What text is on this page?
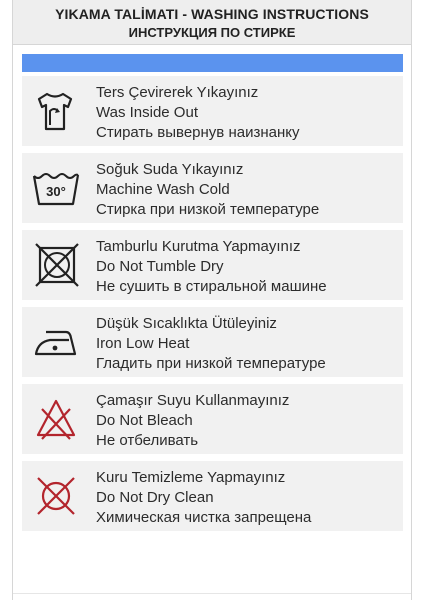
YIKAMA TALİMATI - WASHING INSTRUCTIONS
ИНСТРУКЦИЯ ПО СТИРКЕ
Ters Çevirerek Yıkayınız
Was Inside Out
Стирать вывернув наизнанку
30°
Soğuk Suda Yıkayınız
Machine Wash Cold
Стирка при низкой температуре
Tamburlu Kurutma Yapmayınız
Do Not Tumble Dry
Не сушить в стиральной машине
Düşük Sıcaklıkta Ütüleyiniz
Iron Low Heat
Гладить при низкой температуре
Çamaşır Suyu Kullanmayınız
Do Not Bleach
Не отбеливать
Kuru Temizleme Yapmayınız
Do Not Dry Clean
Химическая чистка запрещена
